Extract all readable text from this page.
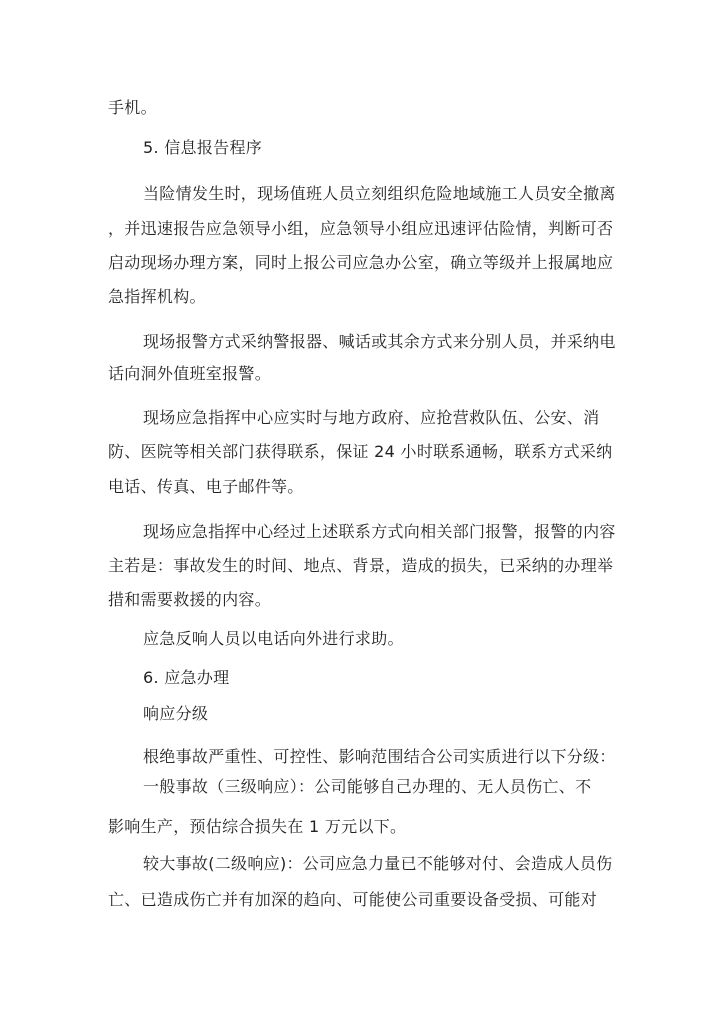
手机。
5. 信息报告程序
当险情发生时，现场值班人员立刻组织危险地域施工人员安全撤离
，并迅速报告应急领导小组，应急领导小组应迅速评估险情，判断可否
启动现场办理方案，同时上报公司应急办公室，确立等级并上报属地应
急指挥机构。
现场报警方式采纳警报器、喊话或其余方式来分别人员，并采纳电
话向洞外值班室报警。
现场应急指挥中心应实时与地方政府、应抢营救队伍、公安、消
防、医院等相关部门获得联系，保证 24 小时联系通畅，联系方式采纳
电话、传真、电子邮件等。
现场应急指挥中心经过上述联系方式向相关部门报警，报警的内容
主若是：事故发生的时间、地点、背景，造成的损失，已采纳的办理举
措和需要救援的内容。
应急反响人员以电话向外进行求助。
6. 应急办理
响应分级
根绝事故严重性、可控性、影响范围结合公司实质进行以下分级：
一般事故（三级响应）：公司能够自己办理的、无人员伤亡、不
影响生产，预估综合损失在 1 万元以下。
较大事故(二级响应)：公司应急力量已不能够对付、会造成人员伤
亡、已造成伤亡并有加深的趋向、可能使公司重要设备受损、可能对
